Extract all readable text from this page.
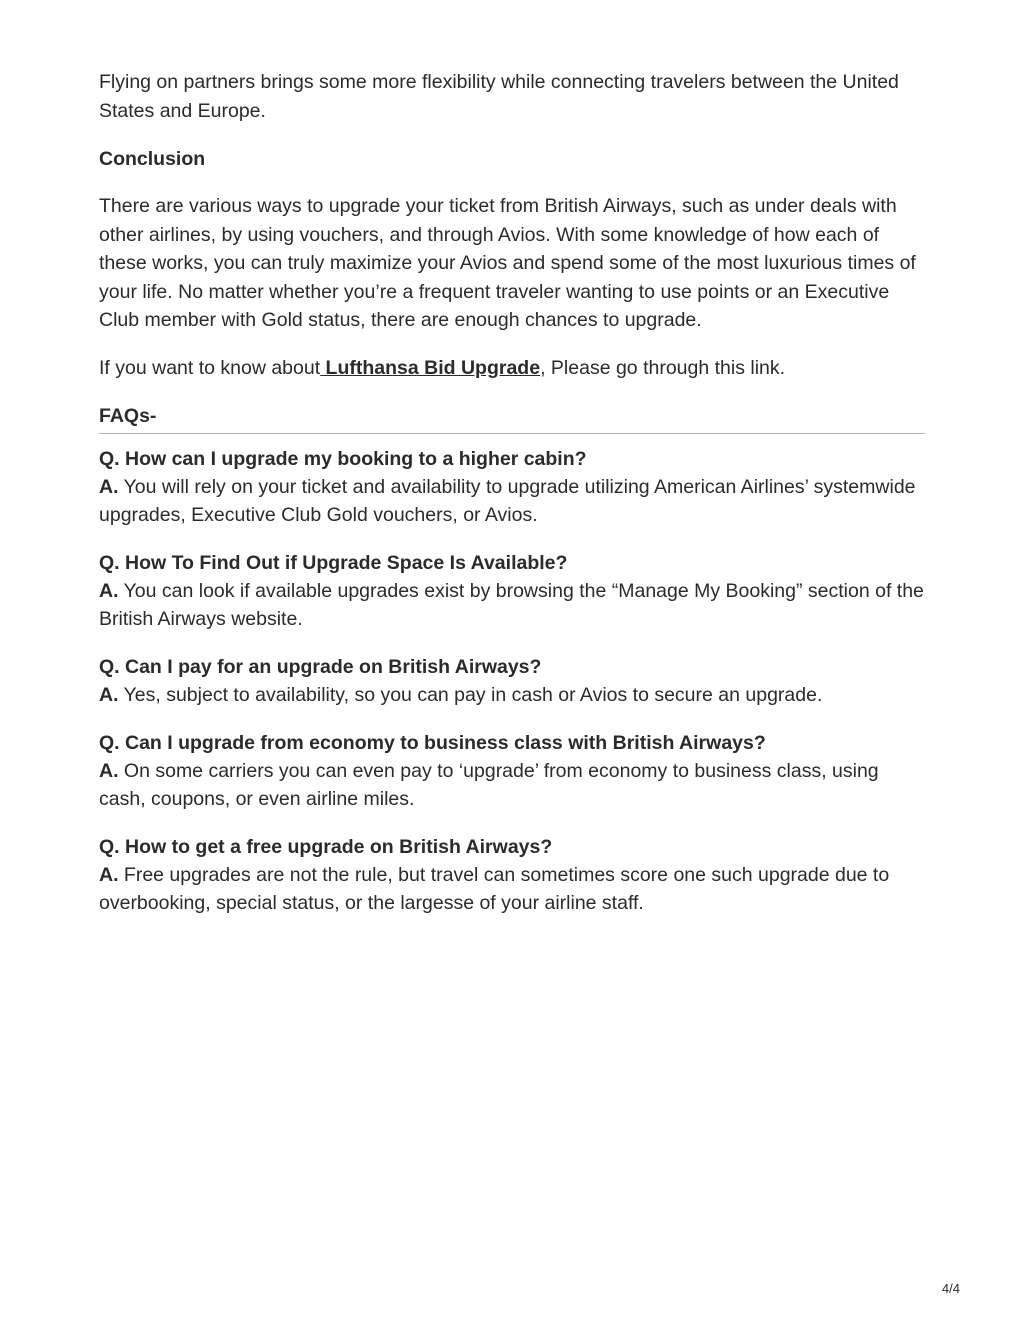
Flying on partners brings some more flexibility while connecting travelers between the United States and Europe.

Conclusion

There are various ways to upgrade your ticket from British Airways, such as under deals with other airlines, by using vouchers, and through Avios. With some knowledge of how each of these works, you can truly maximize your Avios and spend some of the most luxurious times of your life. No matter whether you’re a frequent traveler wanting to use points or an Executive Club member with Gold status, there are enough chances to upgrade.

If you want to know about Lufthansa Bid Upgrade, Please go through this link.

FAQs-
Q. How can I upgrade my booking to a higher cabin?
A. You will rely on your ticket and availability to upgrade utilizing American Airlines’ systemwide upgrades, Executive Club Gold vouchers, or Avios.
Q. How To Find Out if Upgrade Space Is Available?
A. You can look if available upgrades exist by browsing the “Manage My Booking” section of the British Airways website.
Q. Can I pay for an upgrade on British Airways?
A. Yes, subject to availability, so you can pay in cash or Avios to secure an upgrade.
Q. Can I upgrade from economy to business class with British Airways?
A. On some carriers you can even pay to ‘upgrade’ from economy to business class, using cash, coupons, or even airline miles.
Q. How to get a free upgrade on British Airways?
A. Free upgrades are not the rule, but travel can sometimes score one such upgrade due to overbooking, special status, or the largesse of your airline staff.
4/4
